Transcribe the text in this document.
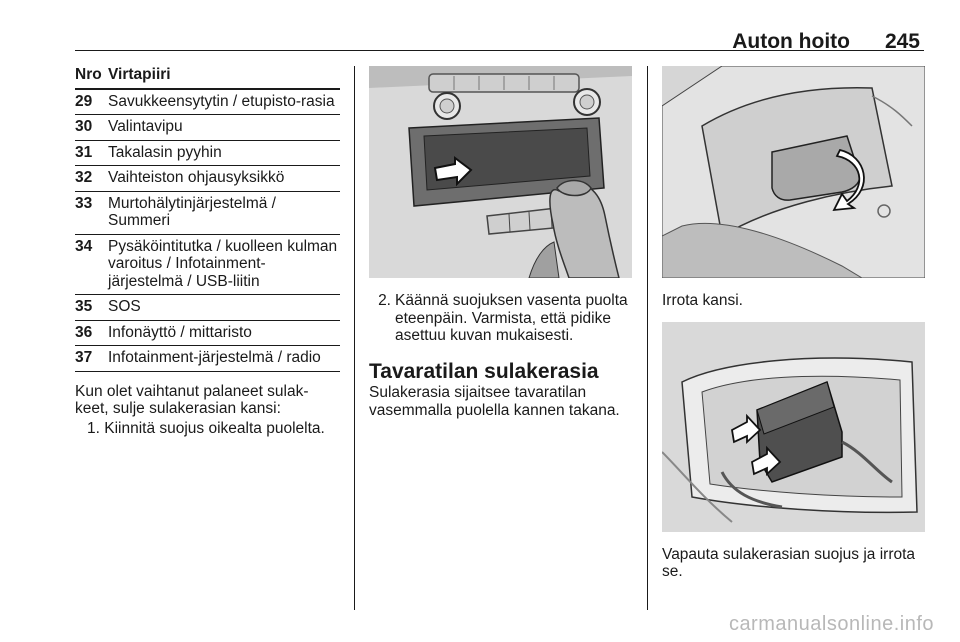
Auton hoito 245
Nro Virtapiiri
29	Savukkeensytytin / etupisto-rasia
30	Valintavipu
31	Takalasin pyyhin
32	Vaihteiston ohjausyksikkö
33	Murtohälytinjärjestelmä / Summeri
34	Pysäköintitutka / kuolleen kulman varoitus / Infotainment-järjestelmä / USB-liitin
35	SOS
36	Infonäyttö / mittaristo
37	Infotainment-järjestelmä / radio
Kun olet vaihtanut palaneet sulak-keet, sulje sulakerasian kansi:
1. Kiinnitä suojus oikealta puolelta.
2. Käännä suojuksen vasenta puolta eteenpäin. Varmista, että pidike asettuu kuvan mukaisesti.
Tavaratilan sulakerasia
Sulakerasia sijaitsee tavaratilan vasemmalla puolella kannen takana.
Irrota kansi.
Vapauta sulakerasian suojus ja irrota se.
carmanualsonline.info
